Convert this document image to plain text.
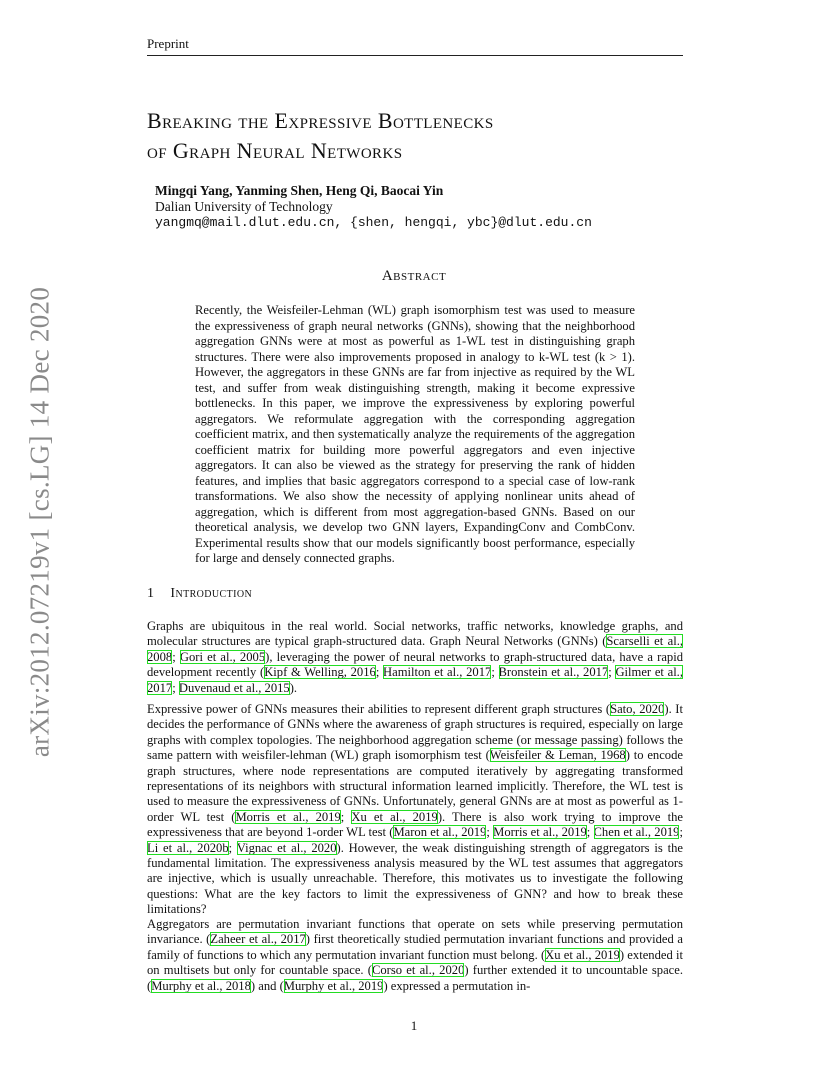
Preprint
arXiv:2012.07219v1 [cs.LG] 14 Dec 2020
Breaking the Expressive Bottlenecks
of Graph Neural Networks
Mingqi Yang, Yanming Shen, Heng Qi, Baocai Yin
Dalian University of Technology
yangmq@mail.dlut.edu.cn, {shen, hengqi, ybc}@dlut.edu.cn
Abstract
Recently, the Weisfeiler-Lehman (WL) graph isomorphism test was used to measure the expressiveness of graph neural networks (GNNs), showing that the neighborhood aggregation GNNs were at most as powerful as 1-WL test in distinguishing graph structures. There were also improvements proposed in analogy to k-WL test (k > 1). However, the aggregators in these GNNs are far from injective as required by the WL test, and suffer from weak distinguishing strength, making it become expressive bottlenecks. In this paper, we improve the expressiveness by exploring powerful aggregators. We reformulate aggregation with the corresponding aggregation coefficient matrix, and then systematically analyze the requirements of the aggregation coefficient matrix for building more powerful aggregators and even injective aggregators. It can also be viewed as the strategy for preserving the rank of hidden features, and implies that basic aggregators correspond to a special case of low-rank transformations. We also show the necessity of applying nonlinear units ahead of aggregation, which is different from most aggregation-based GNNs. Based on our theoretical analysis, we develop two GNN layers, ExpandingConv and CombConv. Experimental results show that our models significantly boost performance, especially for large and densely connected graphs.
1 Introduction

Graphs are ubiquitous in the real world. Social networks, traffic networks, knowledge graphs, and molecular structures are typical graph-structured data. Graph Neural Networks (GNNs) (Scarselli et al., 2008; Gori et al., 2005), leveraging the power of neural networks to graph-structured data, have a rapid development recently (Kipf & Welling, 2016; Hamilton et al., 2017; Bronstein et al., 2017; Gilmer et al., 2017; Duvenaud et al., 2015).

Expressive power of GNNs measures their abilities to represent different graph structures (Sato, 2020). It decides the performance of GNNs where the awareness of graph structures is required, especially on large graphs with complex topologies. The neighborhood aggregation scheme (or message passing) follows the same pattern with weisfiler-lehman (WL) graph isomorphism test (Weisfeiler & Leman, 1968) to encode graph structures, where node representations are computed iteratively by aggregating transformed representations of its neighbors with structural information learned implicitly. Therefore, the WL test is used to measure the expressiveness of GNNs. Unfortunately, general GNNs are at most as powerful as 1-order WL test (Morris et al., 2019; Xu et al., 2019). There is also work trying to improve the expressiveness that are beyond 1-order WL test (Maron et al., 2019; Morris et al., 2019; Chen et al., 2019; Li et al., 2020b; Vignac et al., 2020). However, the weak distinguishing strength of aggregators is the fundamental limitation. The expressiveness analysis measured by the WL test assumes that aggregators are injective, which is usually unreachable. Therefore, this motivates us to investigate the following questions: What are the key factors to limit the expressiveness of GNN? and how to break these limitations?

Aggregators are permutation invariant functions that operate on sets while preserving permutation invariance. (Zaheer et al., 2017) first theoretically studied permutation invariant functions and provided a family of functions to which any permutation invariant function must belong. (Xu et al., 2019) extended it on multisets but only for countable space. (Corso et al., 2020) further extended it to uncountable space. (Murphy et al., 2018) and (Murphy et al., 2019) expressed a permutation in-

1
